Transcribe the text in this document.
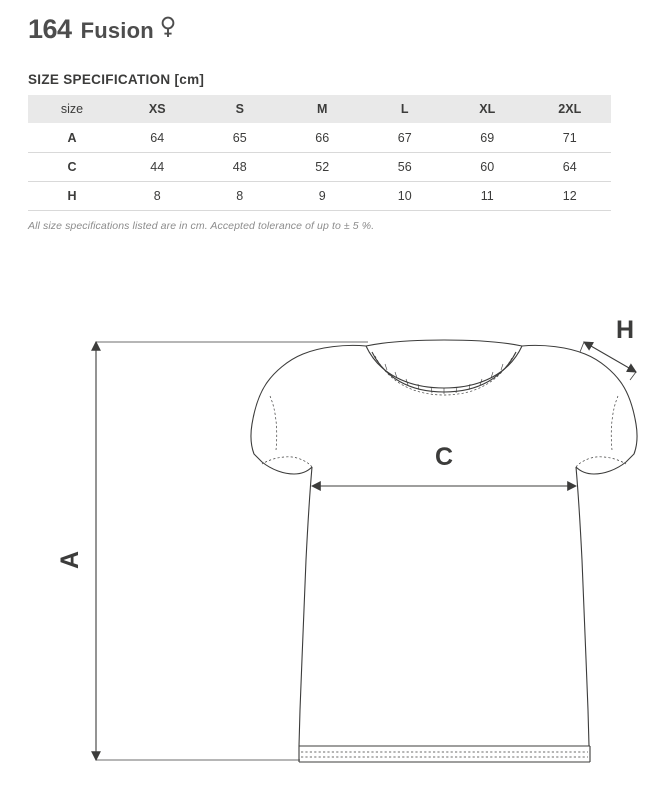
164 Fusion
SIZE SPECIFICATION [cm]
size	XS	S	M	L	XL	2XL
A	64	65	66	67	69	71
C	44	48	52	56	60	64
H	8	8	9	10	11	12
All size specifications listed are in cm. Accepted tolerance of up to ± 5 %.
A
C
H
